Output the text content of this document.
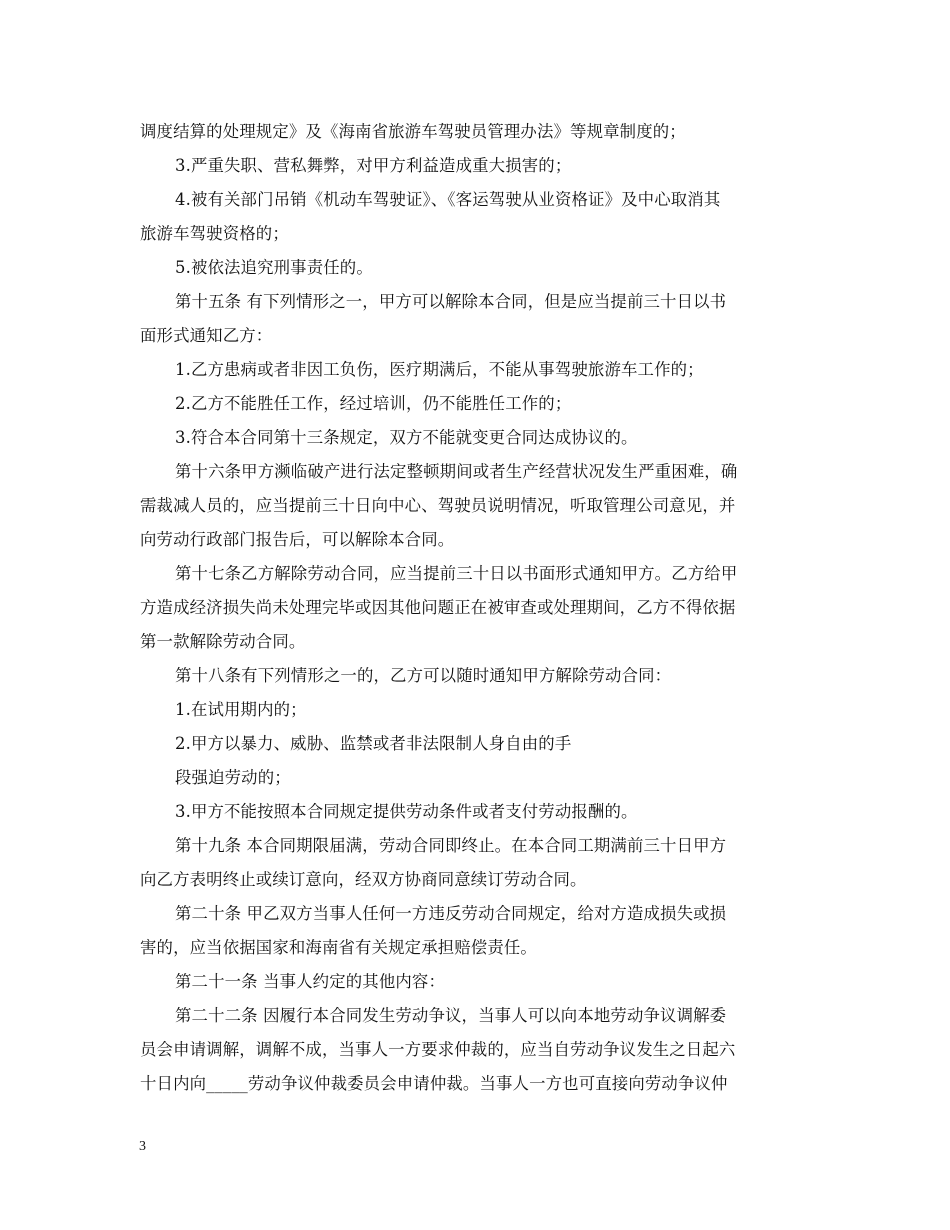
调度结算的处理规定》及《海南省旅游车驾驶员管理办法》等规章制度的；
3.严重失职、营私舞弊，对甲方利益造成重大损害的；
4.被有关部门吊销《机动车驾驶证》、《客运驾驶从业资格证》及中心取消其
旅游车驾驶资格的；
5.被依法追究刑事责任的。
第十五条 有下列情形之一，甲方可以解除本合同，但是应当提前三十日以书
面形式通知乙方：
1.乙方患病或者非因工负伤，医疗期满后，不能从事驾驶旅游车工作的；
2.乙方不能胜任工作，经过培训，仍不能胜任工作的；
3.符合本合同第十三条规定，双方不能就变更合同达成协议的。
第十六条甲方濒临破产进行法定整顿期间或者生产经营状况发生严重困难，确
需裁减人员的，应当提前三十日向中心、驾驶员说明情况，听取管理公司意见，并
向劳动行政部门报告后，可以解除本合同。
第十七条乙方解除劳动合同，应当提前三十日以书面形式通知甲方。乙方给甲
方造成经济损失尚未处理完毕或因其他问题正在被审查或处理期间，乙方不得依据
第一款解除劳动合同。
第十八条有下列情形之一的，乙方可以随时通知甲方解除劳动合同：
1.在试用期内的；
2.甲方以暴力、威胁、监禁或者非法限制人身自由的手
段强迫劳动的；
3.甲方不能按照本合同规定提供劳动条件或者支付劳动报酬的。
第十九条 本合同期限届满，劳动合同即终止。在本合同工期满前三十日甲方
向乙方表明终止或续订意向，经双方协商同意续订劳动合同。
第二十条 甲乙双方当事人任何一方违反劳动合同规定，给对方造成损失或损
害的，应当依据国家和海南省有关规定承担赔偿责任。
第二十一条 当事人约定的其他内容：
第二十二条 因履行本合同发生劳动争议，当事人可以向本地劳动争议调解委
员会申请调解，调解不成，当事人一方要求仲裁的，应当自劳动争议发生之日起六
十日内向_____劳动争议仲裁委员会申请仲裁。当事人一方也可直接向劳动争议仲
3
